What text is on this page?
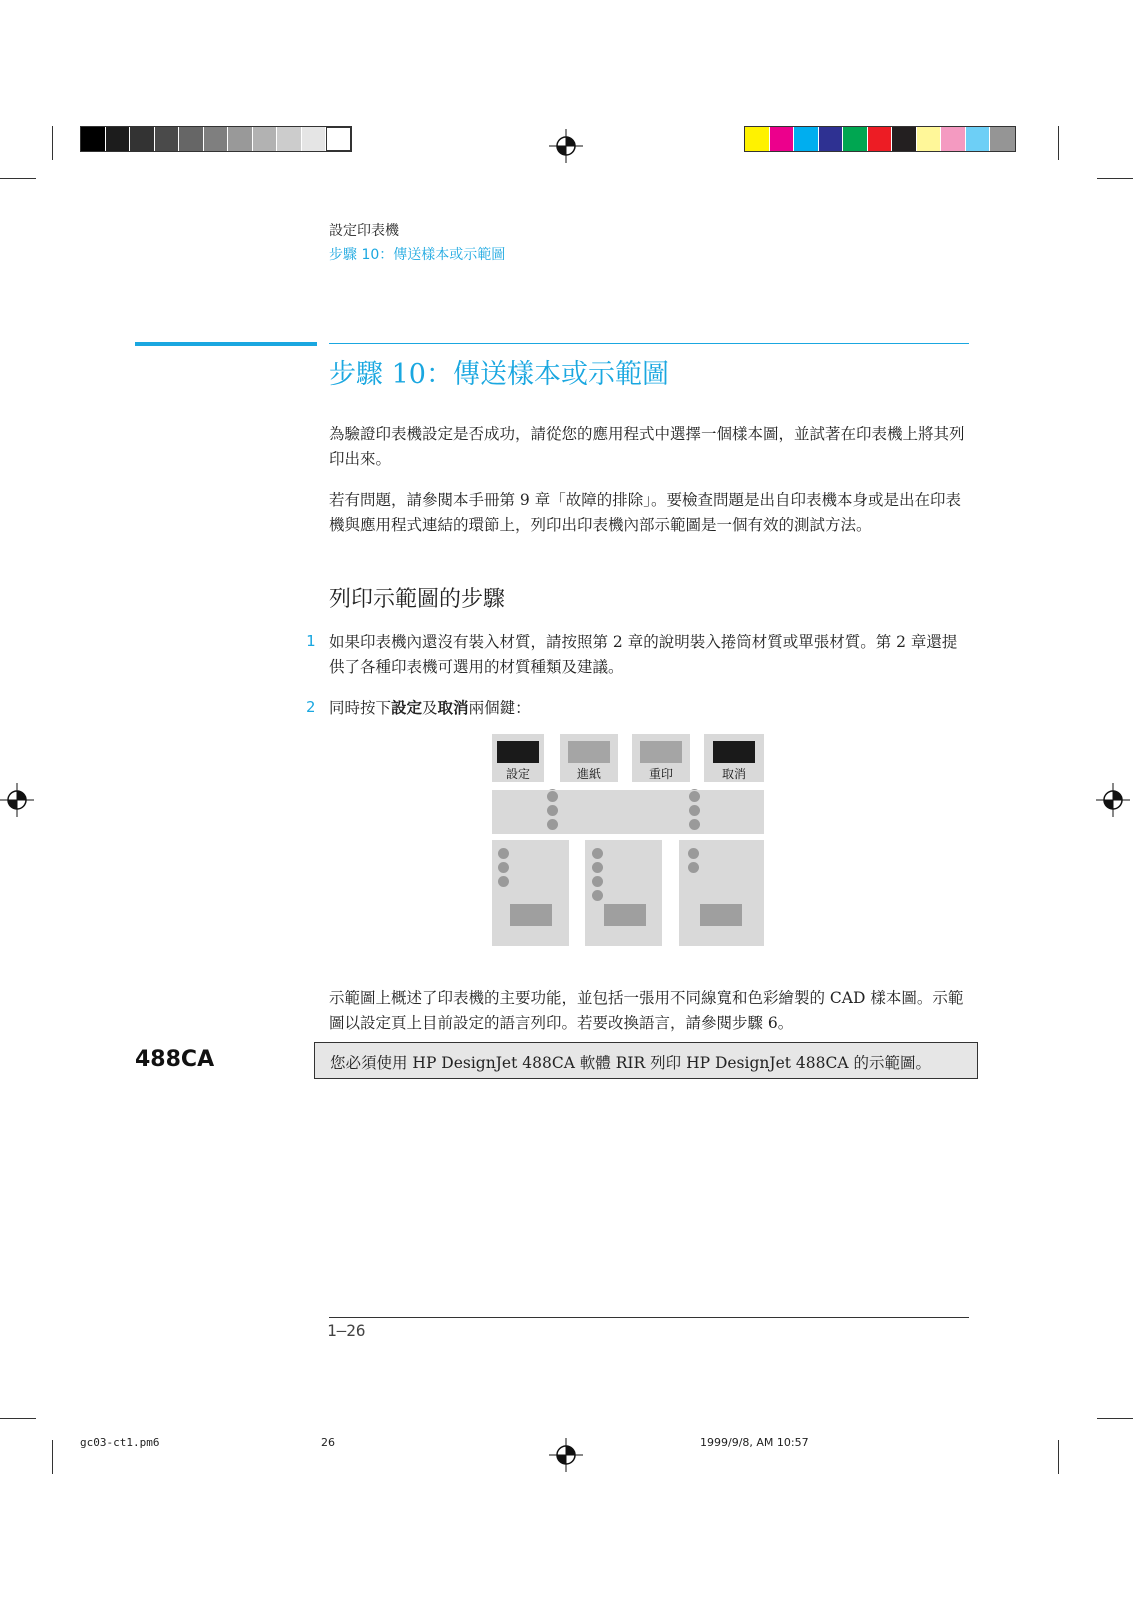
設定印表機
步驟 10：傳送樣本或示範圖
步驟 10：傳送樣本或示範圖
為驗證印表機設定是否成功，請從您的應用程式中選擇一個樣本圖，並試著在印表機上將其列印出來。
若有問題，請參閱本手冊第 9 章「故障的排除」。要檢查問題是出自印表機本身或是出在印表機與應用程式連結的環節上，列印出印表機內部示範圖是一個有效的測試方法。
列印示範圖的步驟
1 如果印表機內還沒有裝入材質，請按照第 2 章的說明裝入捲筒材質或單張材質。第 2 章還提供了各種印表機可選用的材質種類及建議。
2 同時按下設定及取消兩個鍵：
設定	進紙	重印	取消
示範圖上概述了印表機的主要功能，並包括一張用不同線寬和色彩繪製的 CAD 樣本圖。示範圖以設定頁上目前設定的語言列印。若要改換語言，請參閱步驟 6。
488CA	您必須使用 HP DesignJet 488CA 軟體 RIR 列印 HP DesignJet 488CA 的示範圖。
1–26
gc03-ct1.pm6	26	1999/9/8, AM 10:57
